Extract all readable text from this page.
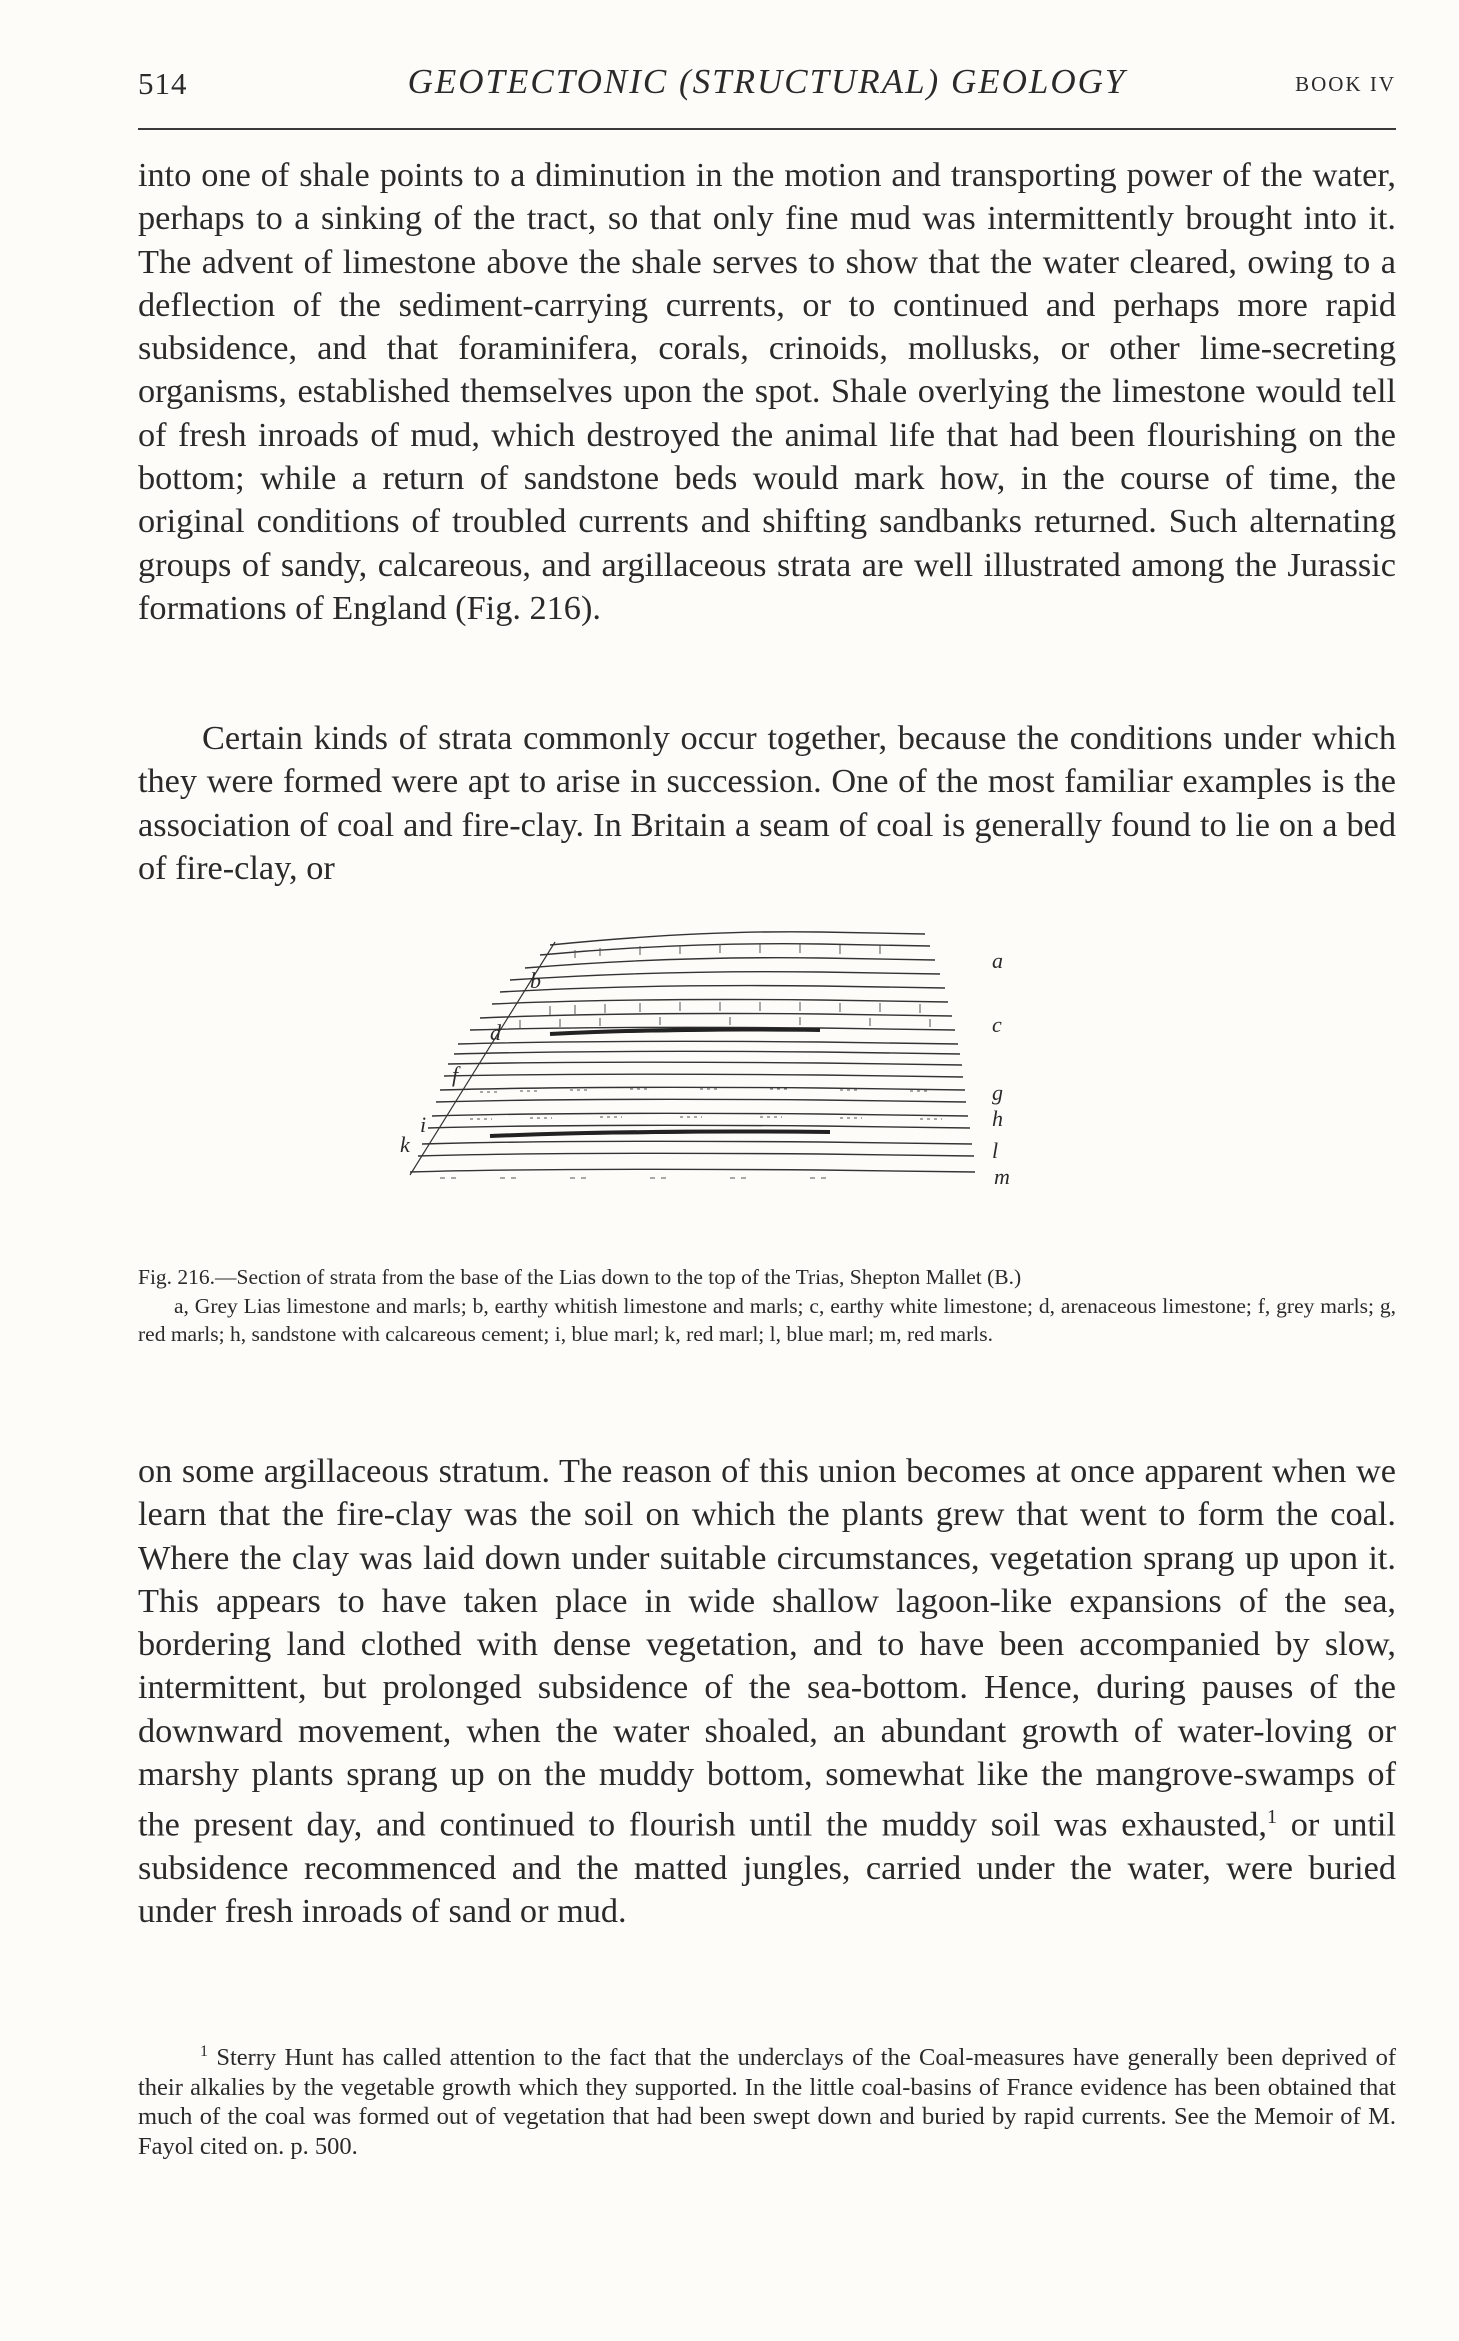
514	GEOTECTONIC (STRUCTURAL) GEOLOGY	BOOK IV

into one of shale points to a diminution in the motion and transporting power of the water, perhaps to a sinking of the tract, so that only fine mud was intermittently brought into it. The advent of limestone above the shale serves to show that the water cleared, owing to a deflection of the sediment-carrying currents, or to continued and perhaps more rapid subsidence, and that foraminifera, corals, crinoids, mollusks, or other lime-secreting organisms, established themselves upon the spot. Shale overlying the limestone would tell of fresh inroads of mud, which destroyed the animal life that had been flourishing on the bottom; while a return of sandstone beds would mark how, in the course of time, the original conditions of troubled currents and shifting sandbanks returned. Such alternating groups of sandy, calcareous, and argillaceous strata are well illustrated among the Jurassic formations of England (Fig. 216).

Certain kinds of strata commonly occur together, because the conditions under which they were formed were apt to arise in succession. One of the most familiar examples is the association of coal and fire-clay. In Britain a seam of coal is generally found to lie on a bed of fire-clay, or

a
c
g
h
l
m
b
d
f
i
k

Fig. 216.—Section of strata from the base of the Lias down to the top of the Trias, Shepton Mallet (B.)
a, Grey Lias limestone and marls; b, earthy whitish limestone and marls; c, earthy white limestone; d, arenaceous limestone; f, grey marls; g, red marls; h, sandstone with calcareous cement; i, blue marl; k, red marl; l, blue marl; m, red marls.

on some argillaceous stratum. The reason of this union becomes at once apparent when we learn that the fire-clay was the soil on which the plants grew that went to form the coal. Where the clay was laid down under suitable circumstances, vegetation sprang up upon it. This appears to have taken place in wide shallow lagoon-like expansions of the sea, bordering land clothed with dense vegetation, and to have been accompanied by slow, intermittent, but prolonged subsidence of the sea-bottom. Hence, during pauses of the downward movement, when the water shoaled, an abundant growth of water-loving or marshy plants sprang up on the muddy bottom, somewhat like the mangrove-swamps of the present day, and continued to flourish until the muddy soil was exhausted,$^1$ or until subsidence recommenced and the matted jungles, carried under the water, were buried under fresh inroads of sand or mud.

$^1$ Sterry Hunt has called attention to the fact that the underclays of the Coal-measures have generally been deprived of their alkalies by the vegetable growth which they supported. In the little coal-basins of France evidence has been obtained that much of the coal was formed out of vegetation that had been swept down and buried by rapid currents. See the Memoir of M. Fayol cited on. p. 500.
